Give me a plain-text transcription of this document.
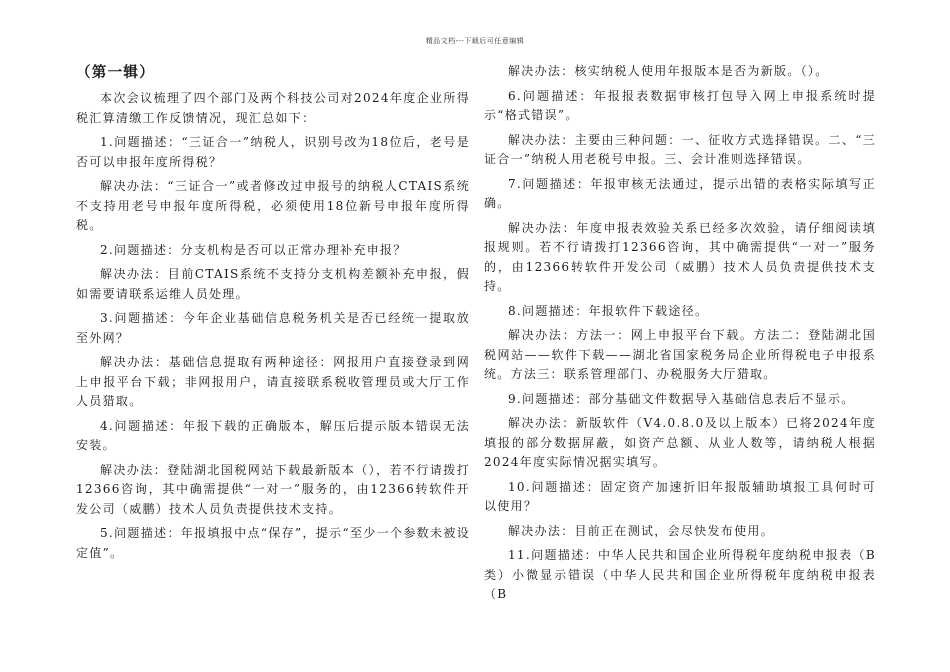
精品文档---下载后可任意编辑
（第一辑）

本次会议梳理了四个部门及两个科技公司对2024年度企业所得税汇算清缴工作反馈情况，现汇总如下：

1.问题描述：“三证合一”纳税人，识别号改为18位后，老号是否可以申报年度所得税？

解决办法：“三证合一”或者修改过申报号的纳税人CTAIS系统不支持用老号申报年度所得税，必须使用18位新号申报年度所得税。

2.问题描述：分支机构是否可以正常办理补充申报？

解决办法：目前CTAIS系统不支持分支机构差额补充申报，假如需要请联系运维人员处理。

3.问题描述：今年企业基础信息税务机关是否已经统一提取放至外网？

解决办法：基础信息提取有两种途径：网报用户直接登录到网上申报平台下载；非网报用户，请直接联系税收管理员或大厅工作人员猎取。

4.问题描述：年报下载的正确版本，解压后提示版本错误无法安装。

解决办法：登陆湖北国税网站下载最新版本（），若不行请拨打12366咨询，其中确需提供“一对一”服务的，由12366转软件开发公司（威鹏）技术人员负责提供技术支持。

5.问题描述：年报填报中点“保存”，提示“至少一个参数未被设定值”。

解决办法：核实纳税人使用年报版本是否为新版。（）。

6.问题描述：年报报表数据审核打包导入网上申报系统时提示“格式错误”。

解决办法：主要由三种问题：一、征收方式选择错误。二、“三证合一”纳税人用老税号申报。三、会计准则选择错误。

7.问题描述：年报审核无法通过，提示出错的表格实际填写正确。

解决办法：年度申报表效验关系已经多次效验，请仔细阅读填报规则。若不行请拨打12366咨询，其中确需提供“一对一”服务的，由12366转软件开发公司（威鹏）技术人员负责提供技术支持。

8.问题描述：年报软件下载途径。

解决办法：方法一：网上申报平台下载。方法二：登陆湖北国税网站——软件下载——湖北省国家税务局企业所得税电子申报系统。方法三：联系管理部门、办税服务大厅猎取。

9.问题描述：部分基础文件数据导入基础信息表后不显示。

解决办法：新版软件（V4.0.8.0及以上版本）已将2024年度填报的部分数据屏蔽，如资产总额、从业人数等，请纳税人根据2024年度实际情况据实填写。

10.问题描述：固定资产加速折旧年报版辅助填报工具何时可以使用？

解决办法：目前正在测试，会尽快发布使用。

11.问题描述：中华人民共和国企业所得税年度纳税申报表（B类）小微显示错误（中华人民共和国企业所得税年度纳税申报表（B
